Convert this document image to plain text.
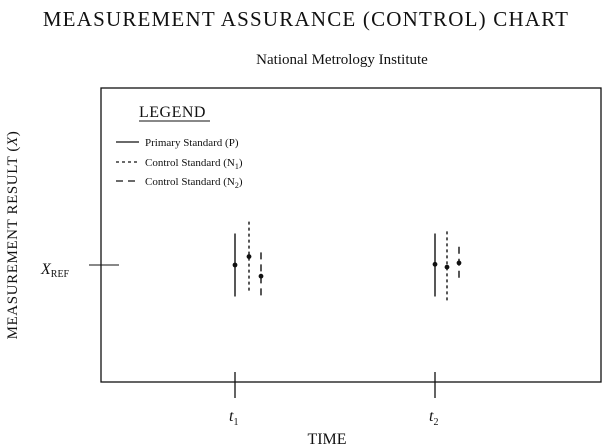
MEASUREMENT ASSURANCE (CONTROL) CHART
National Metrology Institute
MEASUREMENT RESULT (X)
XREF
LEGEND
Primary Standard (P)
Control Standard $(N_1)$
Control Standard $(N_2)$
$t_1$	$t_2$
TIME
